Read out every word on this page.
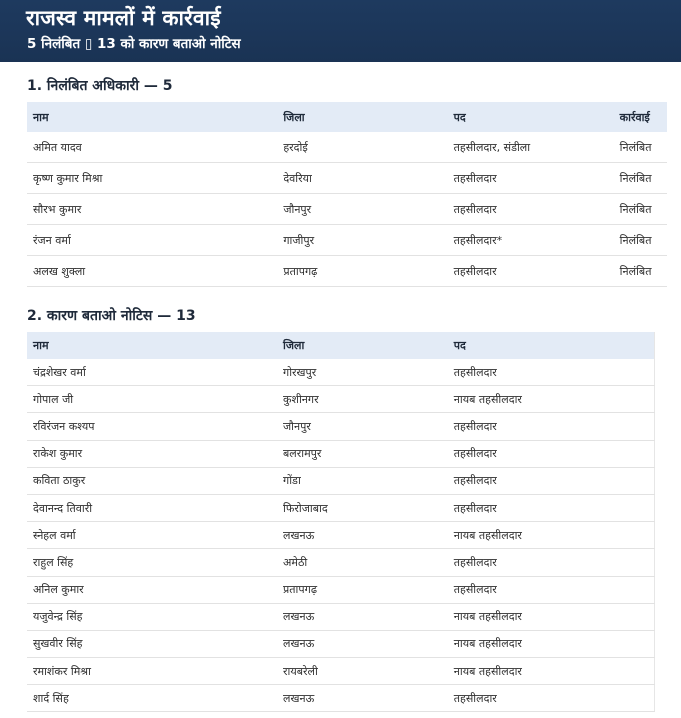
राजस्व मामलों में कार्रवाई
5 निलंबित ▯ 13 को कारण बताओ नोटिस
1. निलंबित अधिकारी — 5
नाम	जिला	पद	कार्रवाई
अमित यादव	हरदोई	तहसीलदार, संडीला	निलंबित
कृष्ण कुमार मिश्रा	देवरिया	तहसीलदार	निलंबित
सौरभ कुमार	जौनपुर	तहसीलदार	निलंबित
रंजन वर्मा	गाजीपुर	तहसीलदार*	निलंबित
अलख शुक्ला	प्रतापगढ़	तहसीलदार	निलंबित
2. कारण बताओ नोटिस — 13
नाम	जिला	पद
चंद्रशेखर वर्मा	गोरखपुर	तहसीलदार
गोपाल जी	कुशीनगर	नायब तहसीलदार
रविरंजन कश्यप	जौनपुर	तहसीलदार
राकेश कुमार	बलरामपुर	तहसीलदार
कविता ठाकुर	गोंडा	तहसीलदार
देवानन्द तिवारी	फिरोजाबाद	तहसीलदार
स्नेहल वर्मा	लखनऊ	नायब तहसीलदार
राहुल सिंह	अमेठी	तहसीलदार
अनिल कुमार	प्रतापगढ़	तहसीलदार
यजुवेन्द्र सिंह	लखनऊ	नायब तहसीलदार
सुखवीर सिंह	लखनऊ	नायब तहसीलदार
रमाशंकर मिश्रा	रायबरेली	नायब तहसीलदार
शार्द सिंह	लखनऊ	तहसीलदार
